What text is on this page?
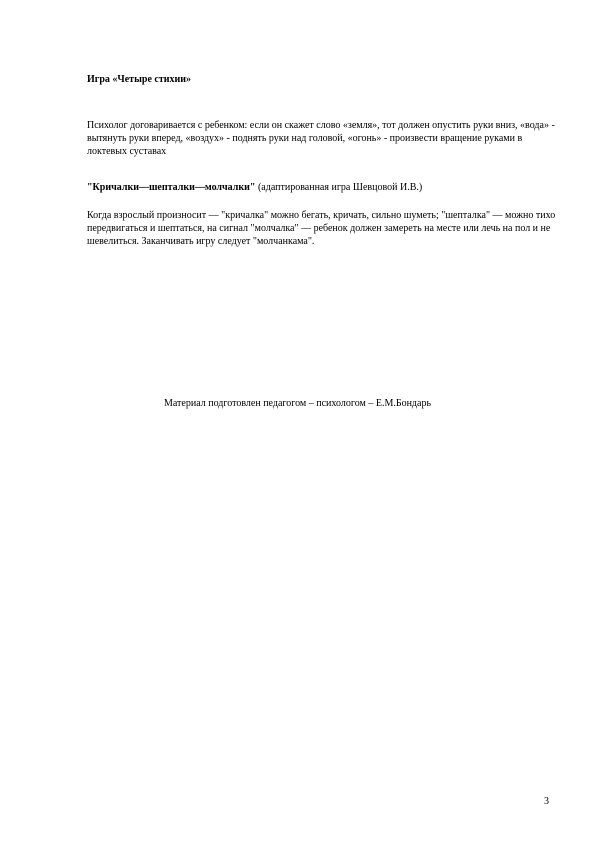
Игра «Четыре стихии»

Психолог договаривается с ребенком: если он скажет слово «земля», тот должен опустить руки вниз, «вода» - вытянуть руки вперед, «воздух» - поднять руки над головой, «огонь» - произвести вращение руками в локтевых суставах

"Кричалки—шепталки—молчалки" (адаптированная игра Шевцовой И.В.)

Когда взрослый произносит — "кричалка" можно бегать, кричать, сильно шуметь; "шепталка" — можно тихо передвигаться и шептаться, на сигнал "молчалка" — ребенок должен замереть на месте или лечь на пол и не шевелиться. Заканчивать игру следует "молчанкама".

Материал подготовлен педагогом – психологом – Е.М.Бондарь

3
